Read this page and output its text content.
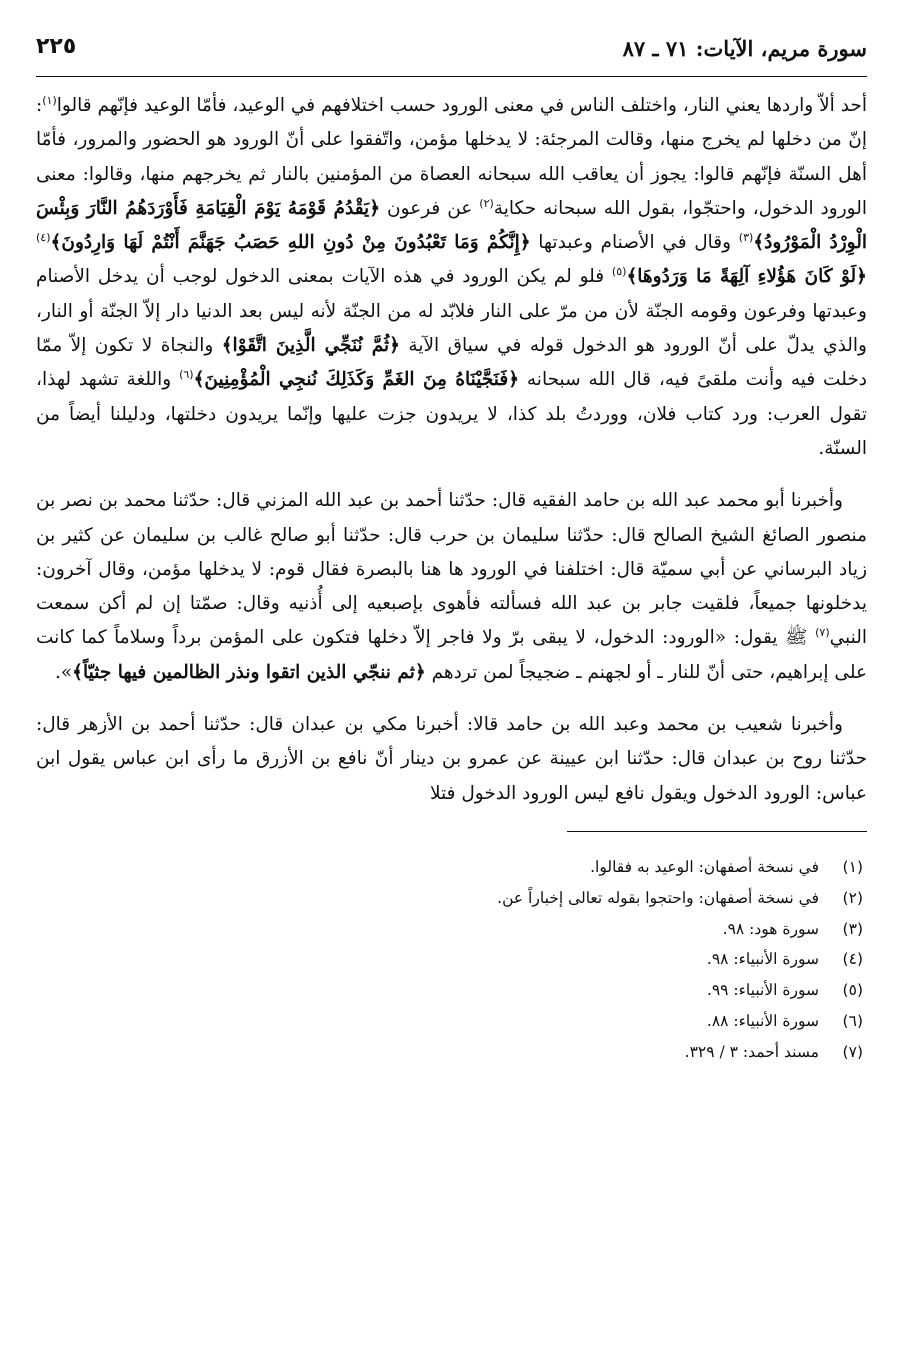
سورة مريم، الآيات: ٧١ ـ ٨٧
٢٢٥

أحد ألاّ واردها يعني النار، واختلف الناس في معنى الورود حسب اختلافهم في الوعيد، فأمّا الوعيد فإنّهم قالوا$^{(١)}$: إنّ من دخلها لم يخرج منها، وقالت المرجئة: لا يدخلها مؤمن، واتّفقوا على أنّ الورود هو الحضور والمرور، فأمّا أهل السنّة فإنّهم قالوا: يجوز أن يعاقب الله سبحانه العصاة من المؤمنين بالنار ثم يخرجهم منها، وقالوا: معنى الورود الدخول، واحتجّوا، بقول الله سبحانه حكاية$^{(٢)}$ عن فرعون ﴿يَقْدُمُ قَوْمَهُ يَوْمَ الْقِيَامَةِ فَأَوْرَدَهُمُ النَّارَ وَبِئْسَ الْوِرْدُ الْمَوْرُودُ﴾$^{(٣)}$ وقال في الأصنام وعبدتها ﴿إِنَّكُمْ وَمَا تَعْبُدُونَ مِنْ دُونِ اللهِ حَصَبُ جَهَنَّمَ أَنْتُمْ لَهَا وَارِدُونَ﴾$^{(٤)}$ ﴿لَوْ كَانَ هَؤُلاءِ آلِهَةً مَا وَرَدُوهَا﴾$^{(٥)}$ فلو لم يكن الورود في هذه الآيات بمعنى الدخول لوجب أن يدخل الأصنام وعبدتها وفرعون وقومه الجنّة لأن من مرّ على النار فلابّد له من الجنّة لأنه ليس بعد الدنيا دار إلاّ الجنّة أو النار، والذي يدلّ على أنّ الورود هو الدخول قوله في سياق الآية ﴿ثُمَّ نُنَجِّي الَّذِينَ اتَّقَوْا﴾ والنجاة لا تكون إلاّ ممّا دخلت فيه وأنت ملقىً فيه، قال الله سبحانه ﴿فَنَجَّيْنَاهُ مِنَ الغَمِّ وَكَذَلِكَ نُنجِي الْمُؤْمِنِينَ﴾$^{(٦)}$ واللغة تشهد لهذا، تقول العرب: ورد كتاب فلان، ووردتُ بلد كذا، لا يريدون جزت عليها وإنّما يريدون دخلتها، ودليلنا أيضاً من السنّة.

وأخبرنا أبو محمد عبد الله بن حامد الفقيه قال: حدّثنا أحمد بن عبد الله المزني قال: حدّثنا محمد بن نصر بن منصور الصائغ الشيخ الصالح قال: حدّثنا سليمان بن حرب قال: حدّثنا أبو صالح غالب بن سليمان عن كثير بن زياد البرساني عن أبي سميّة قال: اختلفنا في الورود ها هنا بالبصرة فقال قوم: لا يدخلها مؤمن، وقال آخرون: يدخلونها جميعاً، فلقيت جابر بن عبد الله فسألته فأهوى بإصبعيه إلى أُذنيه وقال: صمّتا إن لم أكن سمعت النبي$^{(٧)}$ ﷺ يقول: «الورود: الدخول، لا يبقى برّ ولا فاجر إلاّ دخلها فتكون على المؤمن برداً وسلاماً كما كانت على إبراهيم، حتى أنّ للنار ـ أو لجهنم ـ ضجيجاً لمن تردهم ﴿ثم ننجّي الذين اتقوا ونذر الظالمين فيها جثيّاً﴾».

وأخبرنا شعيب بن محمد وعبد الله بن حامد قالا: أخبرنا مكي بن عبدان قال: حدّثنا أحمد بن الأزهر قال: حدّثنا روح بن عبدان قال: حدّثنا ابن عيينة عن عمرو بن دينار أنّ نافع بن الأزرق ما رأى ابن عباس يقول ابن عباس: الورود الدخول ويقول نافع ليس الورود الدخول فتلا

(١)
في نسخة أصفهان: الوعيد به فقالوا.
(٢)
في نسخة أصفهان: واحتجوا بقوله تعالى إخباراً عن.
(٣)
سورة هود: ٩٨.
(٤)
سورة الأنبياء: ٩٨.
(٥)
سورة الأنبياء: ٩٩.
(٦)
سورة الأنبياء: ٨٨.
(٧)
مسند أحمد: ٣ / ٣٢٩.
